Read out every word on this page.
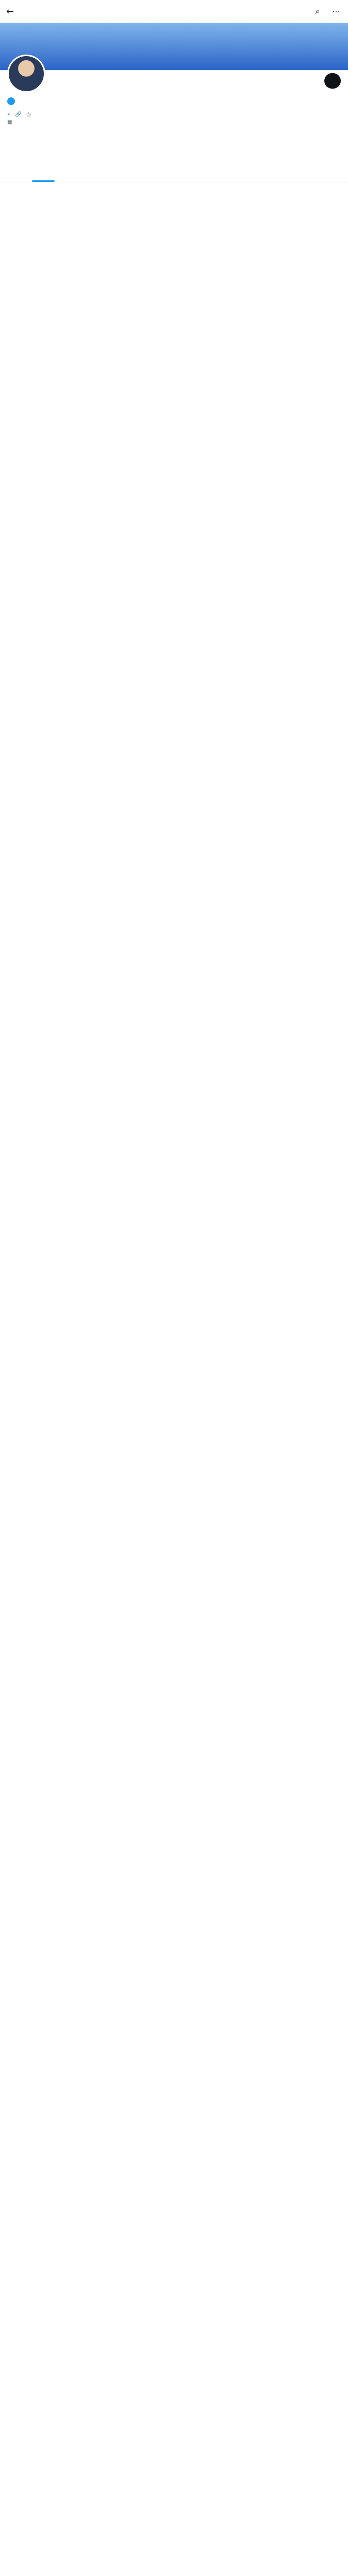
←	⌕	⋯
⌖ 🔗 ◎
▦
